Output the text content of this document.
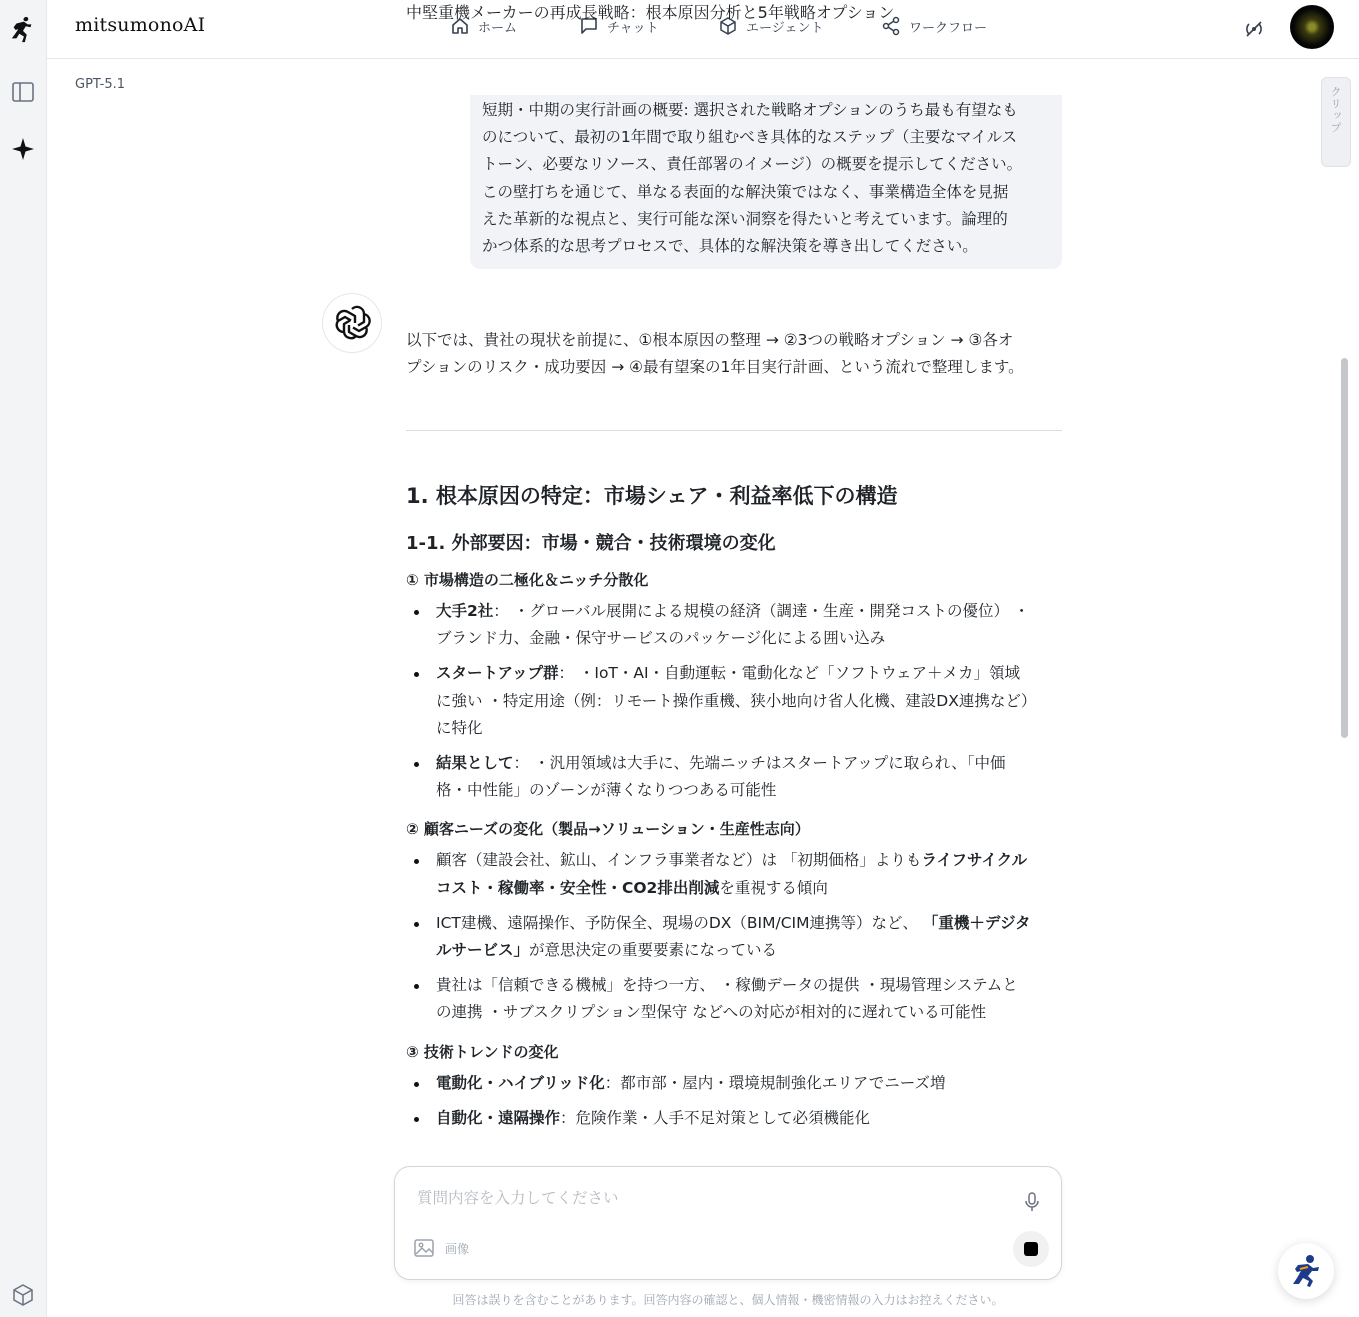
mitsumonoAI	ホーム	チャット	エージェント	ワークフロー
GPT-5.1
クリップ

短期・中期の実行計画の概要: 選択された戦略オプションのうち最も有望なも

のについて、最初の1年間で取り組むべき具体的なステップ（主要なマイルス

トーン、必要なリソース、責任部署のイメージ）の概要を提示してください。

この壁打ちを通じて、単なる表面的な解決策ではなく、事業構造全体を見据

えた革新的な視点と、実行可能な深い洞察を得たいと考えています。論理的

かつ体系的な思考プロセスで、具体的な解決策を導き出してください。

中堅重機メーカーの再成長戦略：根本原因分析と5年戦略オプション
以下では、貴社の現状を前提に、①根本原因の整理 → ②3つの戦略オプション → ③各オ
プションのリスク・成功要因 → ④最有望案の1年目実行計画、という流れで整理します。
1. 根本原因の特定：市場シェア・利益率低下の構造
1-1. 外部要因：市場・競合・技術環境の変化
① 市場構造の二極化＆ニッチ分散化
大手2社： ・グローバル展開による規模の経済（調達・生産・開発コストの優位） ・
ブランド力、金融・保守サービスのパッケージ化による囲い込み
スタートアップ群： ・IoT・AI・自動運転・電動化など「ソフトウェア＋メカ」領域
に強い ・特定用途（例：リモート操作重機、狭小地向け省人化機、建設DX連携など）
に特化
結果として： ・汎用領域は大手に、先端ニッチはスタートアップに取られ、「中価
格・中性能」のゾーンが薄くなりつつある可能性
② 顧客ニーズの変化（製品→ソリューション・生産性志向）
顧客（建設会社、鉱山、インフラ事業者など）は 「初期価格」よりもライフサイクル
コスト・稼働率・安全性・CO2排出削減を重視する傾向
ICT建機、遠隔操作、予防保全、現場のDX（BIM/CIM連携等）など、 「重機＋デジタ
ルサービス」が意思決定の重要要素になっている
貴社は「信頼できる機械」を持つ一方、 ・稼働データの提供 ・現場管理システムと
の連携 ・サブスクリプション型保守 などへの対応が相対的に遅れている可能性
③ 技術トレンドの変化
電動化・ハイブリッド化：都市部・屋内・環境規制強化エリアでニーズ増
自動化・遠隔操作：危険作業・人手不足対策として必須機能化
質問内容を入力してください
画像
回答は誤りを含むことがあります。回答内容の確認と、個人情報・機密情報の入力はお控えください。
